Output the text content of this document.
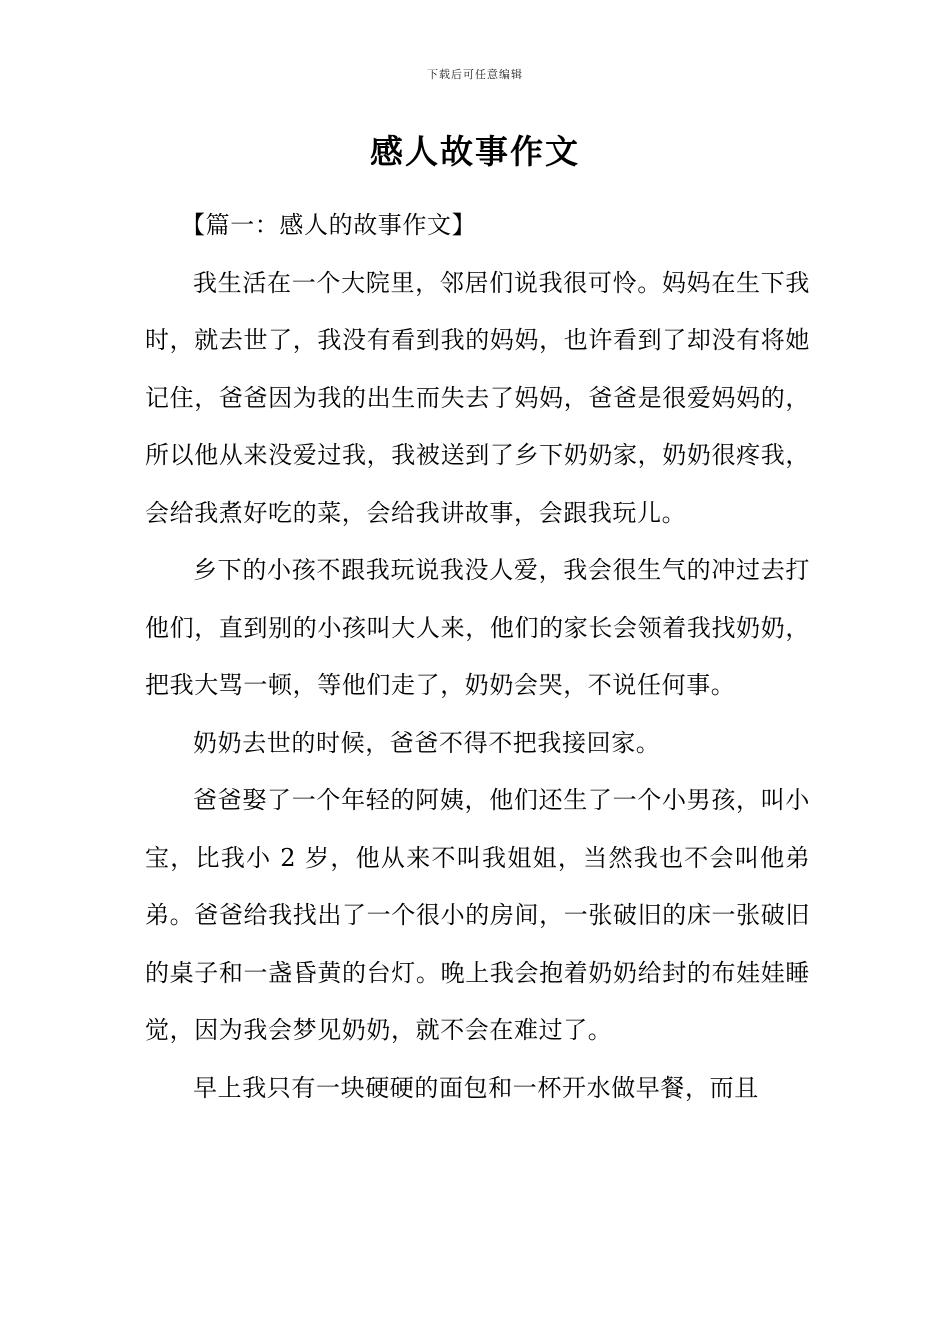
下载后可任意编辑
感人故事作文

【篇一：感人的故事作文】

我生活在一个大院里，邻居们说我很可怜。妈妈在生下我时，就去世了，我没有看到我的妈妈，也许看到了却没有将她记住，爸爸因为我的出生而失去了妈妈，爸爸是很爱妈妈的，所以他从来没爱过我，我被送到了乡下奶奶家，奶奶很疼我，会给我煮好吃的菜，会给我讲故事，会跟我玩儿。

乡下的小孩不跟我玩说我没人爱，我会很生气的冲过去打他们，直到别的小孩叫大人来，他们的家长会领着我找奶奶，把我大骂一顿，等他们走了，奶奶会哭，不说任何事。

奶奶去世的时候，爸爸不得不把我接回家。

爸爸娶了一个年轻的阿姨，他们还生了一个小男孩，叫小宝，比我小 2 岁，他从来不叫我姐姐，当然我也不会叫他弟弟。爸爸给我找出了一个很小的房间，一张破旧的床一张破旧的桌子和一盏昏黄的台灯。晚上我会抱着奶奶给封的布娃娃睡觉，因为我会梦见奶奶，就不会在难过了。

早上我只有一块硬硬的面包和一杯开水做早餐，而且
